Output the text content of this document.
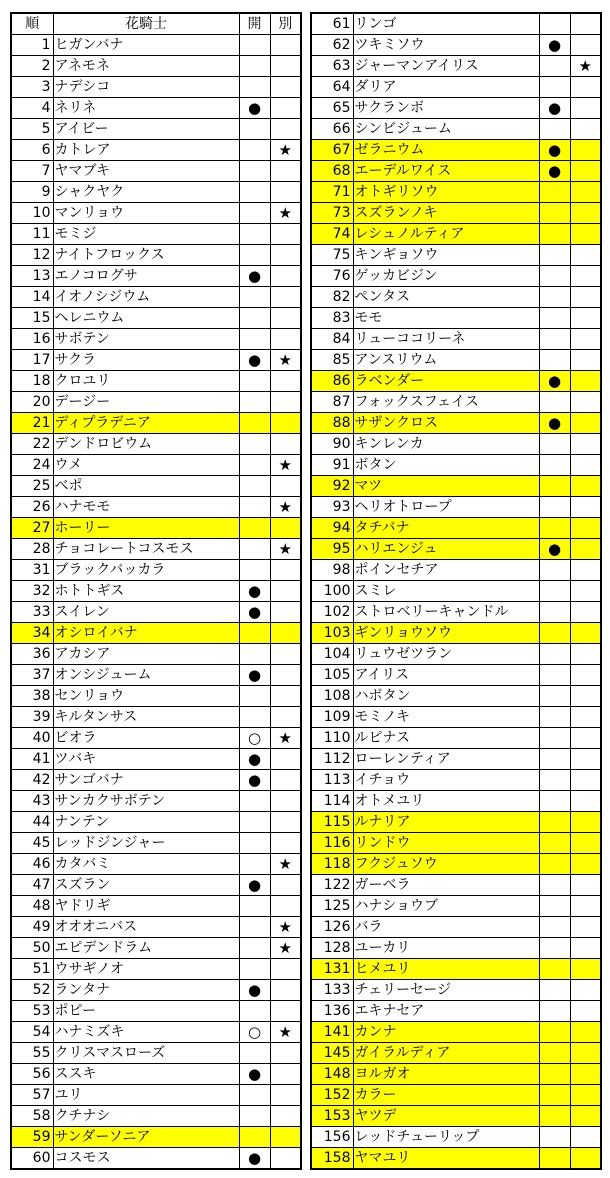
順	花騎士	開	別
1	ヒガンバナ		
2	アネモネ		
3	ナデシコ		
4	ネリネ	●	
5	アイビー		
6	カトレア		★
7	ヤマブキ		
9	シャクヤク		
10	マンリョウ		★
11	モミジ		
12	ナイトフロックス		
13	エノコログサ	●	
14	イオノシジウム		
15	ヘレニウム		
16	サボテン		
17	サクラ	●	★
18	クロユリ		
20	デージー		
21	ディプラデニア		
22	デンドロビウム		
24	ウメ		★
25	ベポ		
26	ハナモモ		★
27	ホーリー		
28	チョコレートコスモス		★
31	ブラックバッカラ		
32	ホトトギス	●	
33	スイレン	●	
34	オシロイバナ		
36	アカシア		
37	オンシジューム	●	
38	センリョウ		
39	キルタンサス		
40	ビオラ	○	★
41	ツバキ	●	
42	サンゴバナ	●	
43	サンカクサボテン		
44	ナンテン		
45	レッドジンジャー		
46	カタバミ		★
47	スズラン	●	
48	ヤドリギ		
49	オオオニバス		★
50	エピデンドラム		★
51	ウサギノオ		
52	ランタナ	●	
53	ポピー		
54	ハナミズキ	○	★
55	クリスマスローズ		
56	ススキ	●	
57	ユリ		
58	クチナシ		
59	サンダーソニア		
60	コスモス	●	
61	リンゴ		
62	ツキミソウ	●	
63	ジャーマンアイリス		★
64	ダリア		
65	サクランボ	●	
66	シンビジューム		
67	ゼラニウム	●	
68	エーデルワイス	●	
71	オトギリソウ		
73	スズランノキ		
74	レシュノルティア		
75	キンギョソウ		
76	ゲッカビジン		
82	ペンタス		
83	モモ		
84	リューココリーネ		
85	アンスリウム		
86	ラベンダー	●	
87	フォックスフェイス		
88	サザンクロス	●	
90	キンレンカ		
91	ボタン		
92	マツ		
93	ヘリオトロープ		
94	タチバナ		
95	ハリエンジュ	●	
98	ポインセチア		
100	スミレ		
102	ストロベリーキャンドル		
103	ギンリョウソウ		
104	リュウゼツラン		
105	アイリス		
108	ハボタン		
109	モミノキ		
110	ルピナス		
112	ローレンティア		
113	イチョウ		
114	オトメユリ		
115	ルナリア		
116	リンドウ		
118	フクジュソウ		
122	ガーベラ		
125	ハナショウブ		
126	バラ		
128	ユーカリ		
131	ヒメユリ		
133	チェリーセージ		
136	エキナセア		
141	カンナ		
145	ガイラルディア		
148	ヨルガオ		
152	カラー		
153	ヤツデ		
156	レッドチューリップ		
158	ヤマユリ		
